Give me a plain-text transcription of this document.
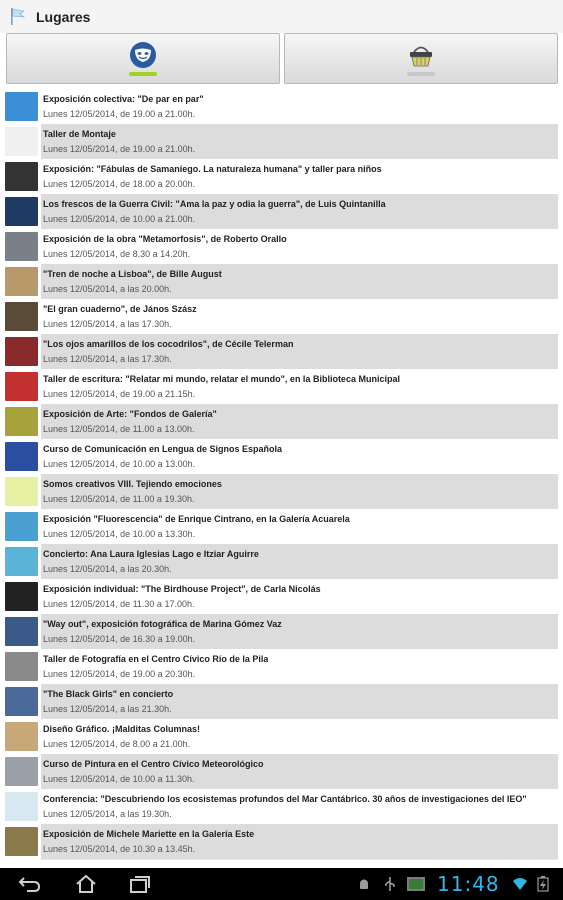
Lugares
Exposición colectiva: "De par en par"
Lunes 12/05/2014, de 19.00 a 21.00h.
Taller de Montaje
Lunes 12/05/2014, de 19.00 a 21.00h.
Exposición: "Fábulas de Samaniego. La naturaleza humana" y taller para niños
Lunes 12/05/2014, de 18.00 a 20.00h.
Los frescos de la Guerra Civil: "Ama la paz y odia la guerra", de Luis Quintanilla
Lunes 12/05/2014, de 10.00 a 21.00h.
Exposición de la obra "Metamorfosis", de Roberto Orallo
Lunes 12/05/2014, de 8.30 a 14.20h.
"Tren de noche a Lisboa", de Bille August
Lunes 12/05/2014, a las 20.00h.
"El gran cuaderno", de János Szász
Lunes 12/05/2014, a las 17.30h.
"Los ojos amarillos de los cocodrilos", de Cécile Telerman
Lunes 12/05/2014, a las 17.30h.
Taller de escritura: "Relatar mi mundo, relatar el mundo", en la Biblioteca Municipal
Lunes 12/05/2014, de 19.00 a 21.15h.
Exposición de Arte: "Fondos de Galería"
Lunes 12/05/2014, de 11.00 a 13.00h.
Curso de Comunicación en Lengua de Signos Española
Lunes 12/05/2014, de 10.00 a 13.00h.
Somos creativos VIII. Tejiendo emociones
Lunes 12/05/2014, de 11.00 a 19.30h.
Exposición "Fluorescencia" de Enrique Cintrano, en la Galería Acuarela
Lunes 12/05/2014, de 10.00 a 13.30h.
Concierto: Ana Laura Iglesias Lago e Itziar Aguirre
Lunes 12/05/2014, a las 20.30h.
Exposición individual: "The Birdhouse Project", de Carla Nicolás
Lunes 12/05/2014, de 11.30 a 17.00h.
"Way out", exposición fotográfica de Marina Gómez Vaz
Lunes 12/05/2014, de 16.30 a 19.00h.
Taller de Fotografía en el Centro Cívico Río de la Pila
Lunes 12/05/2014, de 19.00 a 20.30h.
"The Black Girls" en concierto
Lunes 12/05/2014, a las 21.30h.
Diseño Gráfico. ¡Malditas Columnas!
Lunes 12/05/2014, de 8.00 a 21.00h.
Curso de Pintura en el Centro Cívico Meteorológico
Lunes 12/05/2014, de 10.00 a 11.30h.
Conferencia: "Descubriendo los ecosistemas profundos del Mar Cantábrico. 30 años de investigaciones del IEO"
Lunes 12/05/2014, a las 19.30h.
Exposición de Michele Mariette en la Galería Este
Lunes 12/05/2014, de 10.30 a 13.45h.
11:48
